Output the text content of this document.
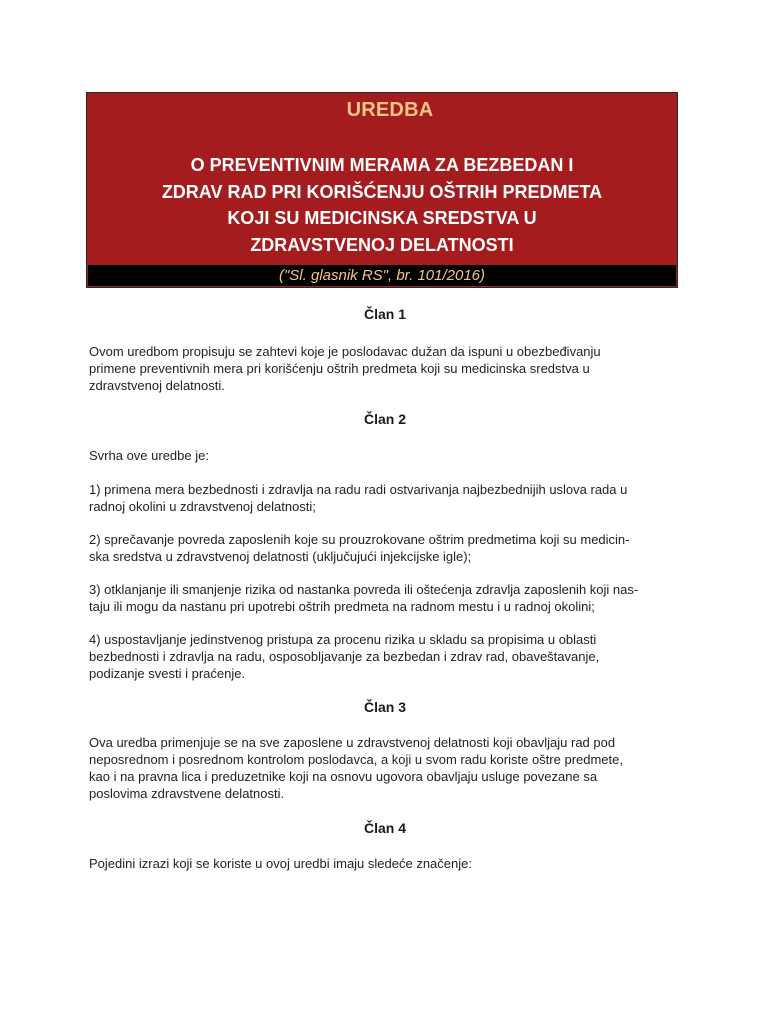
UREDBA
O PREVENTIVNIM MERAMA ZA BEZBEDAN I
ZDRAV RAD PRI KORIŠĆENJU OŠTRIH PREDMETA
KOJI SU MEDICINSKA SREDSTVA U
ZDRAVSTVENOJ DELATNOSTI
("Sl. glasnik RS", br. 101/2016)
Član 1

Ovom uredbom propisuju se zahtevi koje je poslodavac dužan da ispuni u obezbeđivanju
primene preventivnih mera pri korišćenju oštrih predmeta koji su medicinska sredstva u
zdravstvenoj delatnosti.

Član 2

Svrha ove uredbe je:

1) primena mera bezbednosti i zdravlja na radu radi ostvarivanja najbezbednijih uslova rada u
radnoj okolini u zdravstvenoj delatnosti;

2) sprečavanje povreda zaposlenih koje su prouzrokovane oštrim predmetima koji su medicin-
ska sredstva u zdravstvenoj delatnosti (uključujući injekcijske igle);

3) otklanjanje ili smanjenje rizika od nastanka povreda ili oštećenja zdravlja zaposlenih koji nas-
taju ili mogu da nastanu pri upotrebi oštrih predmeta na radnom mestu i u radnoj okolini;

4) uspostavljanje jedinstvenog pristupa za procenu rizika u skladu sa propisima u oblasti
bezbednosti i zdravlja na radu, osposobljavanje za bezbedan i zdrav rad, obaveštavanje,
podizanje svesti i praćenje.

Član 3

Ova uredba primenjuje se na sve zaposlene u zdravstvenoj delatnosti koji obavljaju rad pod
neposrednom i posrednom kontrolom poslodavca, a koji u svom radu koriste oštre predmete,
kao i na pravna lica i preduzetnike koji na osnovu ugovora obavljaju usluge povezane sa
poslovima zdravstvene delatnosti.

Član 4

Pojedini izrazi koji se koriste u ovoj uredbi imaju sledeće značenje:
